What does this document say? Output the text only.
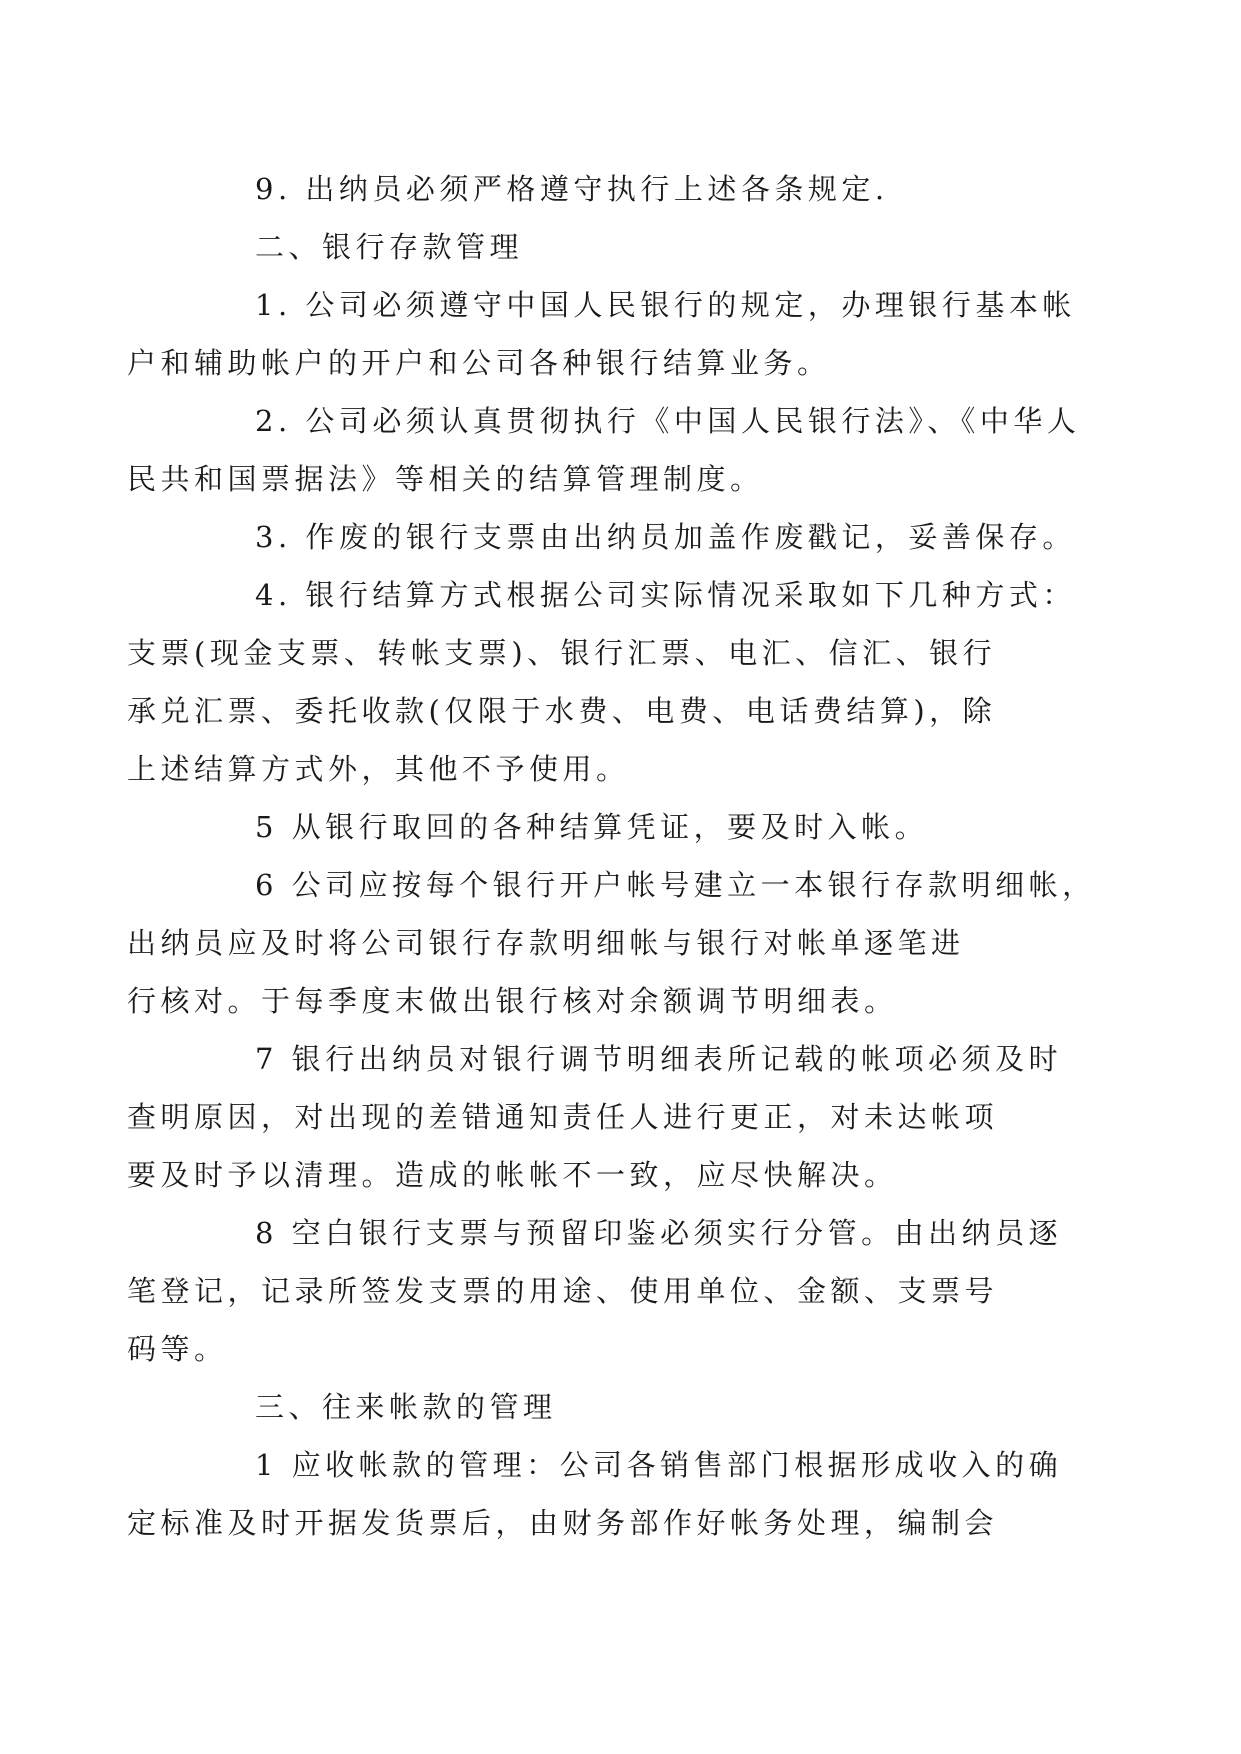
9. 出纳员必须严格遵守执行上述各条规定.

二、银行存款管理

1. 公司必须遵守中国人民银行的规定，办理银行基本帐
户和辅助帐户的开户和公司各种银行结算业务。

2. 公司必须认真贯彻执行《中国人民银行法》、《中华人
民共和国票据法》等相关的结算管理制度。

3. 作废的银行支票由出纳员加盖作废戳记，妥善保存。

4. 银行结算方式根据公司实际情况采取如下几种方式：
支票(现金支票、转帐支票)、银行汇票、电汇、信汇、银行
承兑汇票、委托收款(仅限于水费、电费、电话费结算)，除
上述结算方式外，其他不予使用。

5 从银行取回的各种结算凭证，要及时入帐。

6 公司应按每个银行开户帐号建立一本银行存款明细帐，
出纳员应及时将公司银行存款明细帐与银行对帐单逐笔进
行核对。于每季度末做出银行核对余额调节明细表。

7 银行出纳员对银行调节明细表所记载的帐项必须及时
查明原因，对出现的差错通知责任人进行更正，对未达帐项
要及时予以清理。造成的帐帐不一致，应尽快解决。

8 空白银行支票与预留印鉴必须实行分管。由出纳员逐
笔登记，记录所签发支票的用途、使用单位、金额、支票号
码等。

三、往来帐款的管理

1 应收帐款的管理：公司各销售部门根据形成收入的确
定标准及时开据发货票后，由财务部作好帐务处理，编制会
